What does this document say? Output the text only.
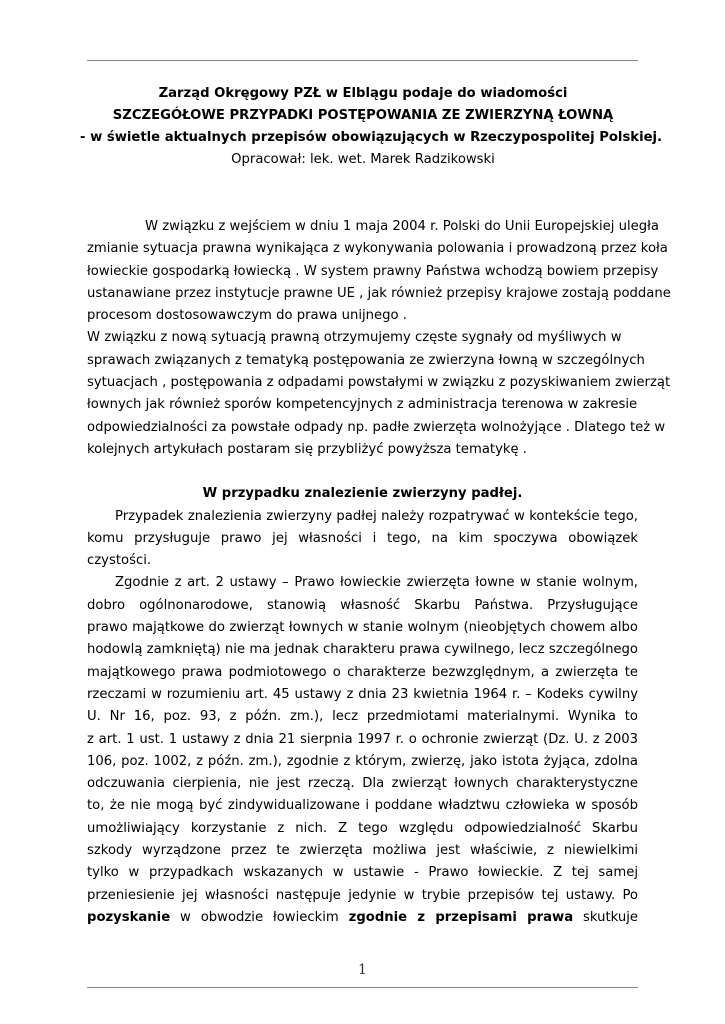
Zarząd Okręgowy PZŁ w Elblągu podaje do wiadomości
SZCZEGÓŁOWE PRZYPADKI POSTĘPOWANIA ZE ZWIERZYNĄ ŁOWNĄ
- w świetle aktualnych przepisów obowiązujących w Rzeczypospolitej Polskiej.
Opracował: lek. wet. Marek Radzikowski
W związku z wejściem w dniu 1 maja 2004 r. Polski do Unii Europejskiej uległa
zmianie sytuacja prawna wynikająca z wykonywania polowania i prowadzoną przez koła
łowieckie gospodarką łowiecką . W system prawny Państwa wchodzą bowiem przepisy
ustanawiane przez instytucje prawne UE , jak również przepisy krajowe zostają poddane
procesom dostosowawczym do prawa unijnego .
W związku z nową sytuacją prawną otrzymujemy częste sygnały od myśliwych w
sprawach związanych z tematyką postępowania ze zwierzyna łowną w szczególnych
sytuacjach , postępowania z odpadami powstałymi w związku z pozyskiwaniem zwierząt
łownych jak również sporów kompetencyjnych z administracja terenowa w zakresie
odpowiedzialności za powstałe odpady np. padłe zwierzęta wolnożyjące . Dlatego też w
kolejnych artykułach postaram się przybliżyć powyższa tematykę .
W przypadku znalezienie zwierzyny padłej.
Przypadek znalezienia zwierzyny padłej należy rozpatrywać w kontekście tego,
komu przysługuje prawo jej własności i tego, na kim spoczywa obowiązek
czystości.
Zgodnie z art. 2 ustawy – Prawo łowieckie zwierzęta łowne w stanie wolnym,
dobro ogólnonarodowe, stanowią własność Skarbu Państwa. Przysługujące
prawo majątkowe do zwierząt łownych w stanie wolnym (nieobjętych chowem albo
hodowlą zamkniętą) nie ma jednak charakteru prawa cywilnego, lecz szczególnego
majątkowego prawa podmiotowego o charakterze bezwzględnym, a zwierzęta te
rzeczami w rozumieniu art. 45 ustawy z dnia 23 kwietnia 1964 r. – Kodeks cywilny
U. Nr 16, poz. 93, z późn. zm.), lecz przedmiotami materialnymi. Wynika to
z art. 1 ust. 1 ustawy z dnia 21 sierpnia 1997 r. o ochronie zwierząt (Dz. U. z 2003
106, poz. 1002, z późn. zm.), zgodnie z którym, zwierzę, jako istota żyjąca, zdolna
odczuwania cierpienia, nie jest rzeczą. Dla zwierząt łownych charakterystyczne
to, że nie mogą być zindywidualizowane i poddane władztwu człowieka w sposób
umożliwiający korzystanie z nich. Z tego względu odpowiedzialność Skarbu
szkody wyrządzone przez te zwierzęta możliwa jest właściwie, z niewielkimi
tylko w przypadkach wskazanych w ustawie - Prawo łowieckie. Z tej samej
przeniesienie jej własności następuje jedynie w trybie przepisów tej ustawy. Po
pozyskanie w obwodzie łowieckim zgodnie z przepisami prawa skutkuje
1
